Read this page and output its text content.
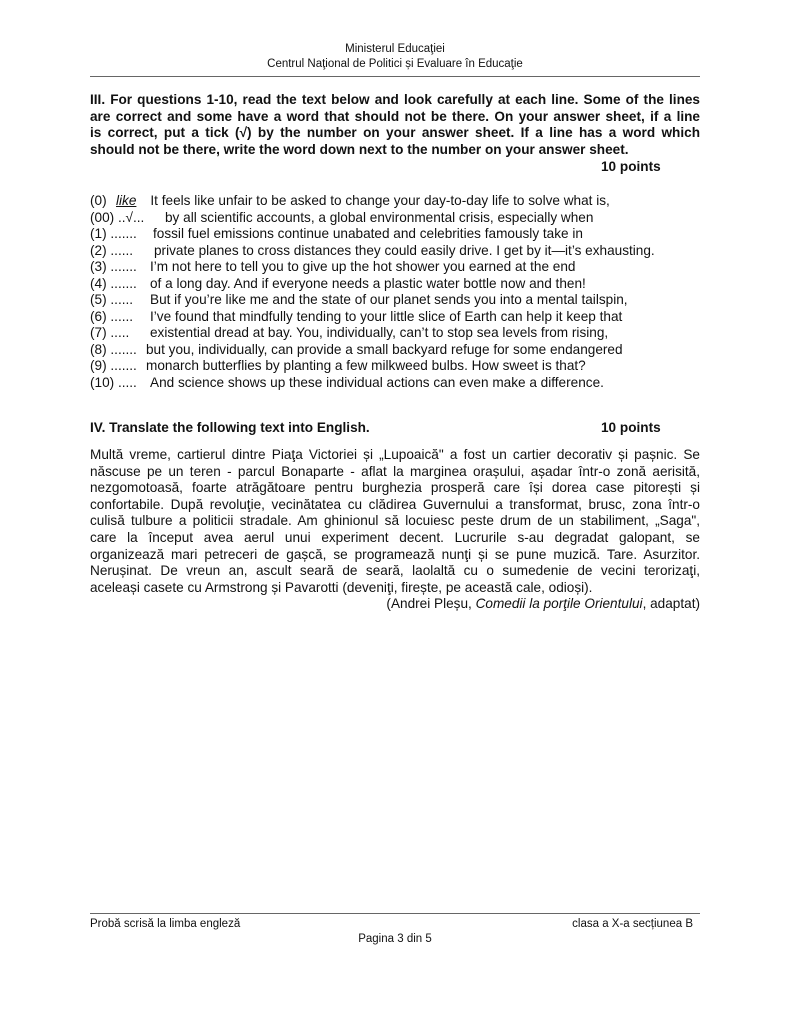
Ministerul Educaţiei
Centrul Naţional de Politici și Evaluare în Educaţie
III. For questions 1-10, read the text below and look carefully at each line. Some of the lines
are correct and some have a word that should not be there. On your answer sheet, if a line
is correct, put a tick (√) by the number on your answer sheet. If a line has a word which
should not be there, write the word down next to the number on your answer sheet.
10 points
(0) like It feels like unfair to be asked to change your day-to-day life to solve what is,
(00) ..√... by all scientific accounts, a global environmental crisis, especially when
(1) ....... fossil fuel emissions continue unabated and celebrities famously take in
(2) ...... private planes to cross distances they could easily drive. I get by it—it’s exhausting.
(3) ....... I’m not here to tell you to give up the hot shower you earned at the end
(4) ....... of a long day. And if everyone needs a plastic water bottle now and then!
(5) ...... But if you’re like me and the state of our planet sends you into a mental tailspin,
(6) ...... I’ve found that mindfully tending to your little slice of Earth can help it keep that
(7) ..... existential dread at bay. You, individually, can’t to stop sea levels from rising,
(8) ....... but you, individually, can provide a small backyard refuge for some endangered
(9) ....... monarch butterflies by planting a few milkweed bulbs. How sweet is that?
(10) ..... And science shows up these individual actions can even make a difference.
IV. Translate the following text into English.	10 points
Multă vreme, cartierul dintre Piaţa Victoriei și „Lupoaică" a fost un cartier decorativ și pașnic. Se
născuse pe un teren - parcul Bonaparte - aflat la marginea orașului, așadar într-o zonă aerisită,
nezgomotoasă, foarte atrăgătoare pentru burghezia prosperă care își dorea case pitorești și
confortabile. După revoluţie, vecinătatea cu clădirea Guvernului a transformat, brusc, zona într-o
culisă tulbure a politicii stradale. Am ghinionul să locuiesc peste drum de un stabiliment, „Saga",
care la început avea aerul unui experiment decent. Lucrurile s-au degradat galopant, se
organizează mari petreceri de gașcă, se programează nunţi și se pune muzică. Tare. Asurzitor.
Nerușinat. De vreun an, ascult seară de seară, laolaltă cu o sumedenie de vecini terorizaţi,
aceleași casete cu Armstrong și Pavarotti (deveniţi, firește, pe această cale, odioși).
(Andrei Pleșu, Comedii la porţile Orientului, adaptat)
Probă scrisă la limba engleză	clasa a X-a secțiunea B
Pagina 3 din 5
